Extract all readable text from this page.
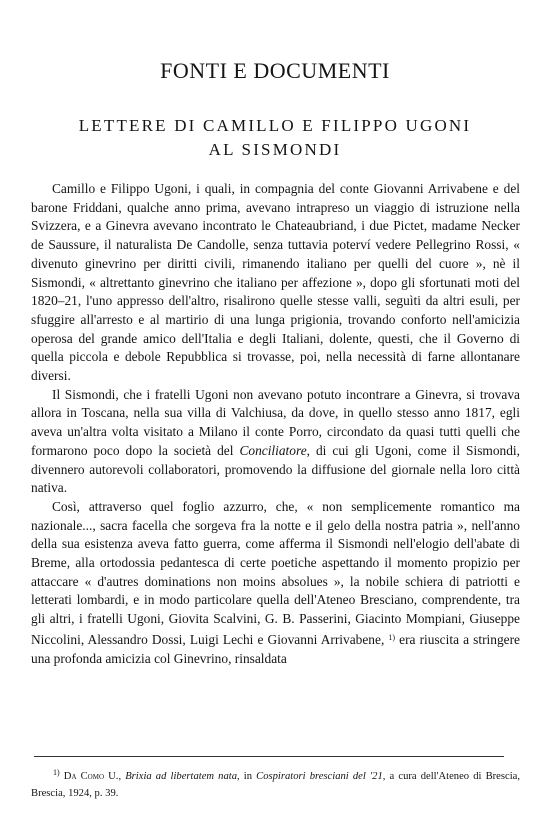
FONTI E DOCUMENTI
LETTERE DI CAMILLO E FILIPPO UGONI
AL SISMONDI

Camillo e Filippo Ugoni, i quali, in compagnia del conte Giovanni Arrivabene e del barone Friddani, qualche anno prima, avevano intrapreso un viaggio di istruzione nella Svizzera, e a Ginevra avevano incontrato le Chateaubriand, i due Pictet, madame Necker de Saussure, il naturalista De Candolle, senza tuttavia poterví vedere Pellegrino Rossi, « divenuto ginevrino per diritti civili, rimanendo italiano per quelli del cuore », nè il Sismondi, « altrettanto ginevrino che italiano per affezione », dopo gli sfortunati moti del 1820–21, l'uno appresso dell'altro, risalirono quelle stesse valli, seguìti da altri esuli, per sfuggire all'arresto e al martirio di una lunga prigionia, trovando conforto nell'amicizia operosa del grande amico dell'Italia e degli Italiani, dolente, questi, che il Governo di quella piccola e debole Repubblica si trovasse, poi, nella necessità di farne allontanare diversi.

Il Sismondi, che i fratelli Ugoni non avevano potuto incontrare a Ginevra, si trovava allora in Toscana, nella sua villa di Valchiusa, da dove, in quello stesso anno 1817, egli aveva un'altra volta visitato a Milano il conte Porro, circondato da quasi tutti quelli che formarono poco dopo la società del Conciliatore, di cui gli Ugoni, come il Sismondi, divennero autorevoli collaboratori, promovendo la diffusione del giornale nella loro città nativa.

Così, attraverso quel foglio azzurro, che, « non semplicemente romantico ma nazionale..., sacra facella che sorgeva fra la notte e il gelo della nostra patria », nell'anno della sua esistenza aveva fatto guerra, come afferma il Sismondi nell'elogio dell'abate di Breme, alla ortodossia pedantesca di certe poetiche aspettando il momento propizio per attaccare « d'autres dominations non moins absolues », la nobile schiera di patriotti e letterati lombardi, e in modo particolare quella dell'Ateneo Bresciano, comprendente, tra gli altri, i fratelli Ugoni, Giovita Scalvini, G. B. Passerini, Giacinto Mompiani, Giuseppe Niccolini, Alessandro Dossi, Luigi Lechi e Giovanni Arrivabene, $^{1)}$ era riuscita a stringere una profonda amicizia col Ginevrino, rinsaldata

$^{1)}$ Da Como U., Brixia ad libertatem nata, in Cospiratori bresciani del '21, a cura dell'Ateneo di Brescia, Brescia, 1924, p. 39.
